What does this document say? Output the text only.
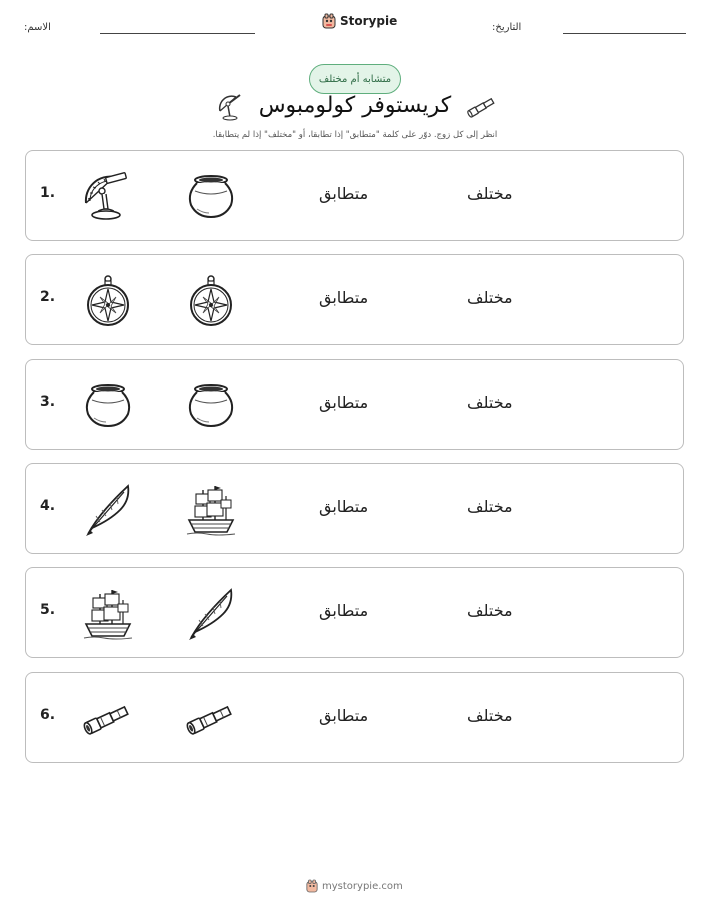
:الاسم	Storypie	:التاريخ
متشابه أم مختلف
كريستوفر كولومبوس
انظر إلى كل زوج. دوّر على كلمة "متطابق" إذا تطابقا، أو "مختلف" إذا لم يتطابقا.
1.	متطابق	مختلف
2.	متطابق	مختلف
3.	متطابق	مختلف
4.	متطابق	مختلف
5.	متطابق	مختلف
6.	متطابق	مختلف
mystorypie.com
